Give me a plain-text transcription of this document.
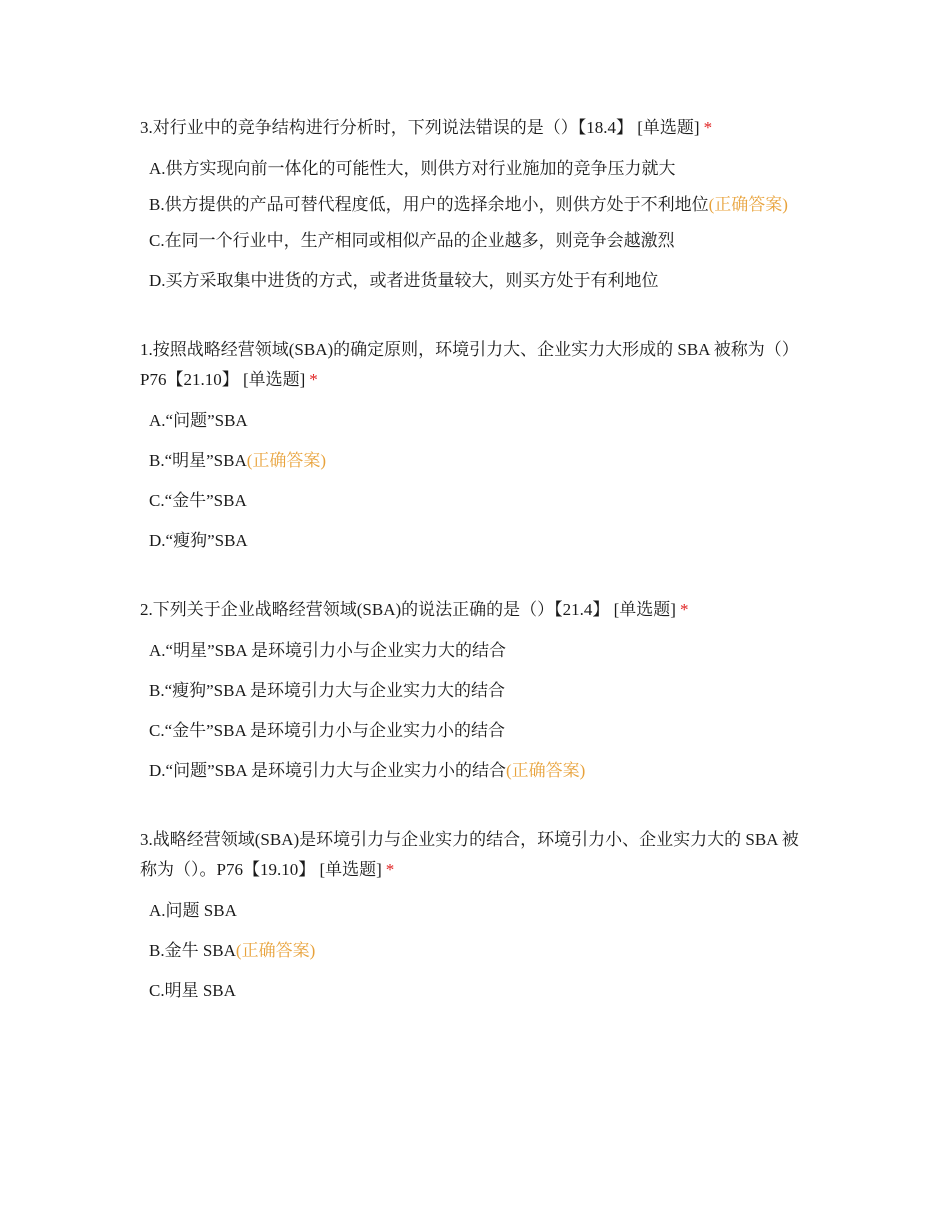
3.对行业中的竞争结构进行分析时，下列说法错误的是（）【18.4】 [单选题] *

A.供方实现向前一体化的可能性大，则供方对行业施加的竞争压力就大
B.供方提供的产品可替代程度低，用户的选择余地小，则供方处于不利地位(正确答案)
C.在同一个行业中，生产相同或相似产品的企业越多，则竞争会越激烈
D.买方采取集中进货的方式，或者进货量较大，则买方处于有利地位

1.按照战略经营领域(SBA)的确定原则，环境引力大、企业实力大形成的 SBA 被称为（）P76【21.10】 [单选题] *

A.“问题”SBA
B.“明星”SBA(正确答案)
C.“金牛”SBA
D.“瘦狗”SBA

2.下列关于企业战略经营领域(SBA)的说法正确的是（）【21.4】 [单选题] *

A.“明星”SBA 是环境引力小与企业实力大的结合
B.“瘦狗”SBA 是环境引力大与企业实力大的结合
C.“金牛”SBA 是环境引力小与企业实力小的结合
D.“问题”SBA 是环境引力大与企业实力小的结合(正确答案)

3.战略经营领域(SBA)是环境引力与企业实力的结合，环境引力小、企业实力大的 SBA 被称为（）。P76【19.10】 [单选题] *

A.问题 SBA
B.金牛 SBA(正确答案)
C.明星 SBA
